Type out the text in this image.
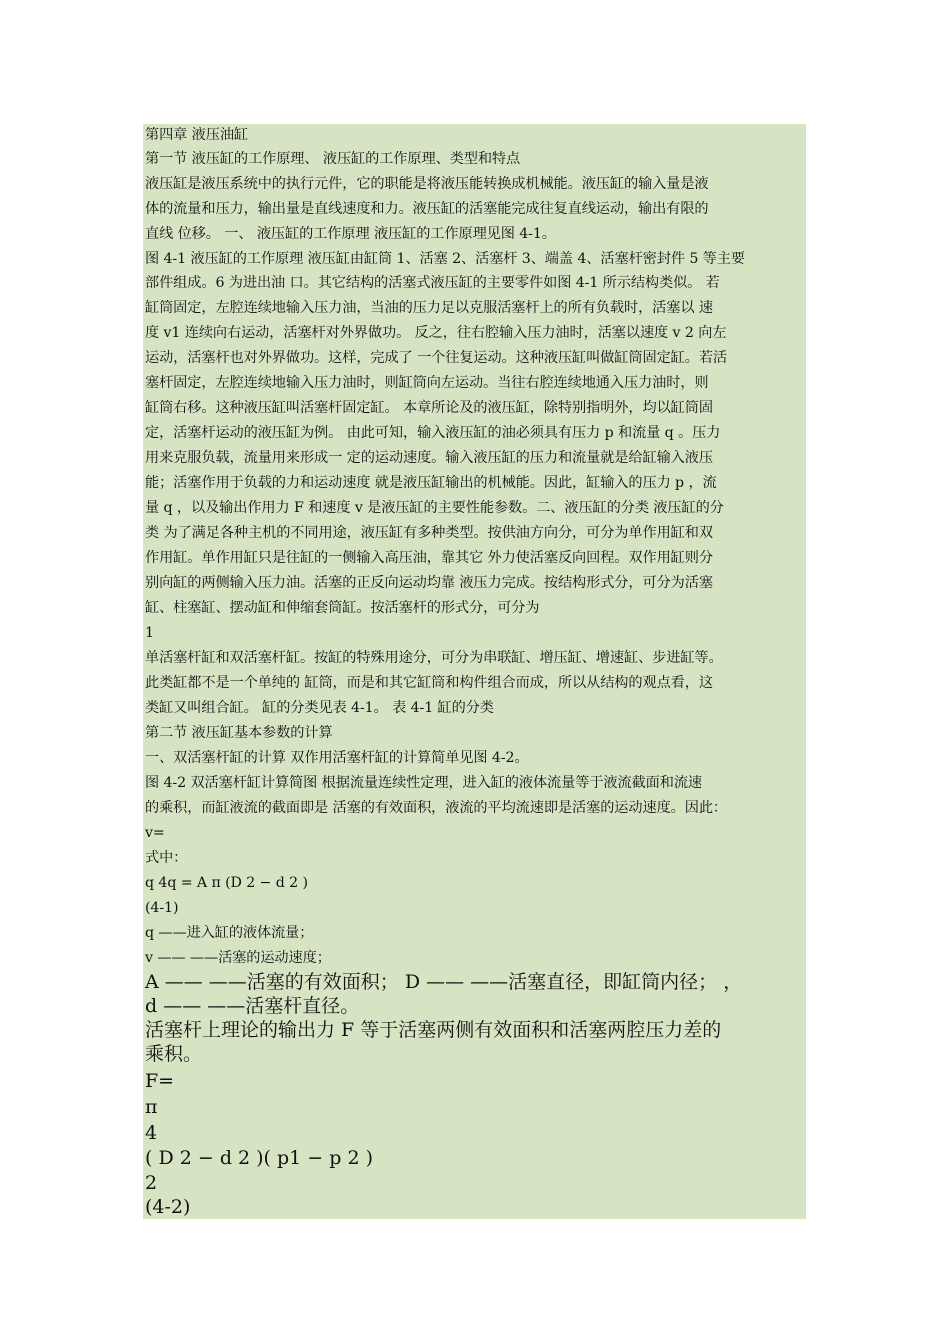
第四章 液压油缸
第一节 液压缸的工作原理、 液压缸的工作原理、类型和特点
液压缸是液压系统中的执行元件，它的职能是将液压能转换成机械能。液压缸的输入量是液
体的流量和压力，输出量是直线速度和力。液压缸的活塞能完成往复直线运动，输出有限的
直线 位移。 一、 液压缸的工作原理 液压缸的工作原理见图 4-1。
图 4-1 液压缸的工作原理 液压缸由缸筒 1、活塞 2、活塞杆 3、端盖 4、活塞杆密封件 5 等主要
部件组成。6 为进出油 口。其它结构的活塞式液压缸的主要零件如图 4-1 所示结构类似。 若
缸筒固定，左腔连续地输入压力油，当油的压力足以克服活塞杆上的所有负载时，活塞以 速
度 v1 连续向右运动，活塞杆对外界做功。 反之，往右腔输入压力油时，活塞以速度 v 2 向左
运动，活塞杆也对外界做功。这样，完成了 一个往复运动。这种液压缸叫做缸筒固定缸。若活
塞杆固定，左腔连续地输入压力油时，则缸筒向左运动。当往右腔连续地通入压力油时，则
缸筒右移。这种液压缸叫活塞杆固定缸。 本章所论及的液压缸，除特别指明外，均以缸筒固
定，活塞杆运动的液压缸为例。 由此可知，输入液压缸的油必须具有压力 p 和流量 q 。压力
用来克服负载，流量用来形成一 定的运动速度。输入液压缸的压力和流量就是给缸输入液压
能；活塞作用于负载的力和运动速度 就是液压缸输出的机械能。因此，缸输入的压力 p ，流
量 q ，以及输出作用力 F 和速度 v 是液压缸的主要性能参数。二、液压缸的分类 液压缸的分
类 为了满足各种主机的不同用途，液压缸有多种类型。按供油方向分，可分为单作用缸和双
作用缸。单作用缸只是往缸的一侧输入高压油，靠其它 外力使活塞反向回程。双作用缸则分
别向缸的两侧输入压力油。活塞的正反向运动均靠 液压力完成。按结构形式分，可分为活塞
缸、柱塞缸、摆动缸和伸缩套筒缸。按活塞杆的形式分，可分为
1
单活塞杆缸和双活塞杆缸。按缸的特殊用途分，可分为串联缸、增压缸、增速缸、步进缸等。
此类缸都不是一个单纯的 缸筒，而是和其它缸筒和构件组合而成，所以从结构的观点看，这
类缸又叫组合缸。 缸的分类见表 4-1。 表 4-1 缸的分类
第二节 液压缸基本参数的计算
一、双活塞杆缸的计算 双作用活塞杆缸的计算简单见图 4-2。
图 4-2 双活塞杆缸计算简图 根据流量连续性定理，进入缸的液体流量等于液流截面和流速
的乘积，而缸液流的截面即是 活塞的有效面积，液流的平均流速即是活塞的运动速度。因此：
v=
式中：
q 4q = A π (D 2 − d 2 )
(4-1)
q ——进入缸的液体流量；
v —— ——活塞的运动速度；
A —— ——活塞的有效面积； D —— ——活塞直径，即缸筒内径； ，
d —— ——活塞杆直径。
活塞杆上理论的输出力 F 等于活塞两侧有效面积和活塞两腔压力差的
乘积。
F=
π
4
( D 2 − d 2 )( p1 − p 2 )
2
(4-2)
